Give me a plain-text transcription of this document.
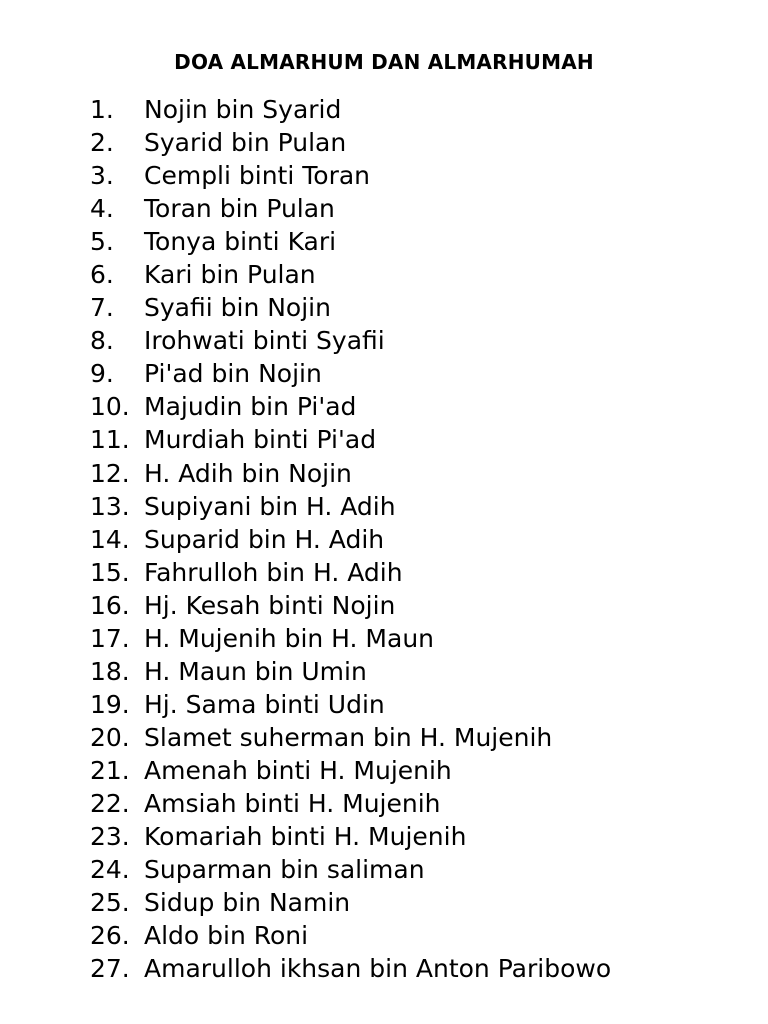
DOA ALMARHUM DAN ALMARHUMAH
1.	Nojin bin Syarid
2.	Syarid bin Pulan
3.	Cempli binti Toran
4.	Toran bin Pulan
5.	Tonya binti Kari
6.	Kari bin Pulan
7.	Syafii bin Nojin
8.	Irohwati binti Syafii
9.	Pi'ad bin Nojin
10. Majudin bin Pi'ad
11. Murdiah binti Pi'ad
12. H. Adih bin Nojin
13. Supiyani bin H. Adih
14. Suparid bin H. Adih
15. Fahrulloh bin H. Adih
16. Hj. Kesah binti Nojin
17. H. Mujenih bin H. Maun
18. H. Maun bin Umin
19. Hj. Sama binti Udin
20. Slamet suherman bin H. Mujenih
21. Amenah binti H. Mujenih
22. Amsiah binti H. Mujenih
23. Komariah binti H. Mujenih
24. Suparman bin saliman
25. Sidup bin Namin
26. Aldo bin Roni
27. Amarulloh ikhsan bin Anton Paribowo
